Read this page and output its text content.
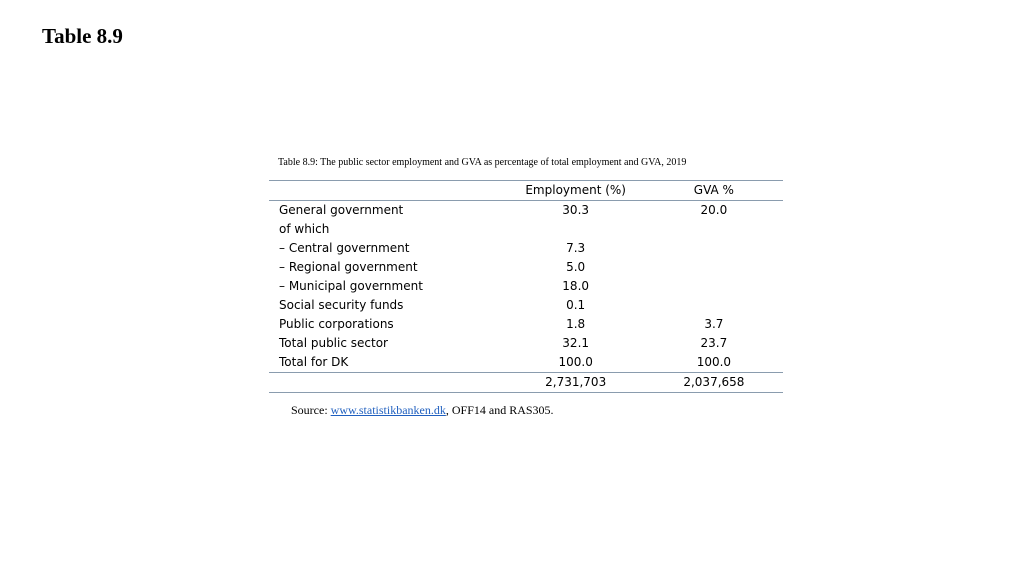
Table 8.9
Table 8.9: The public sector employment and GVA as percentage of total employment and GVA, 2019
	Employment (%)	GVA %
General government	30.3	20.0
of which		
– Central government	7.3	
– Regional government	5.0	
– Municipal government	18.0	
Social security funds	0.1	
Public corporations	1.8	3.7
Total public sector	32.1	23.7
Total for DK	100.0	100.0
	2,731,703	2,037,658
Source: www.statistikbanken.dk, OFF14 and RAS305.
